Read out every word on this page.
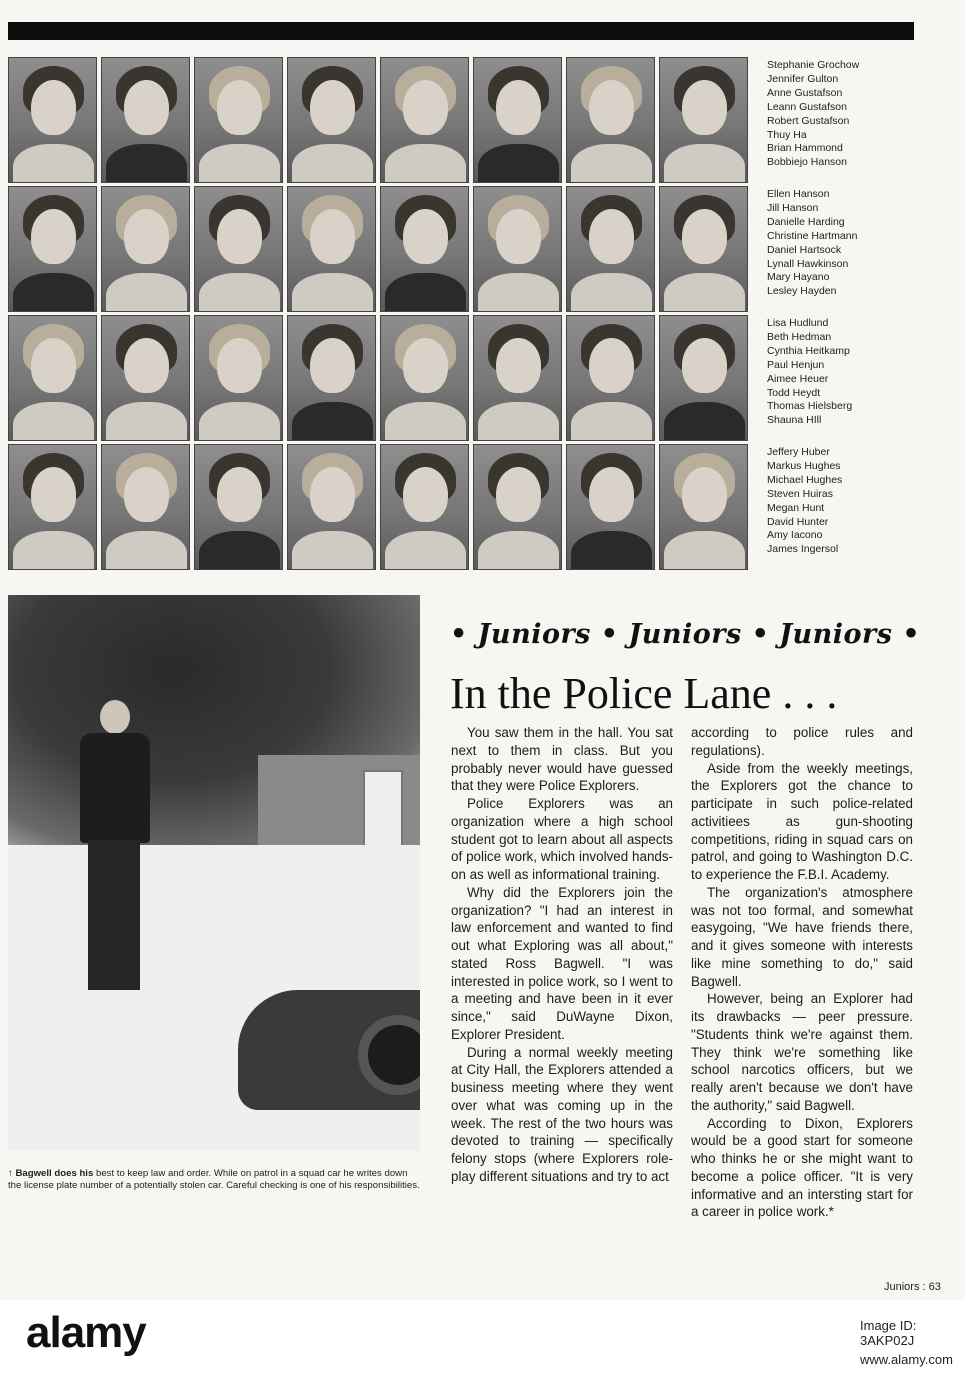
Stephanie Grochow
Jennifer Gulton
Anne Gustafson
Leann Gustafson
Robert Gustafson
Thuy Ha
Brian Hammond
Bobbiejo Hanson
Ellen Hanson
Jill Hanson
Danielle Harding
Christine Hartmann
Daniel Hartsock
Lynall Hawkinson
Mary Hayano
Lesley Hayden
Lisa Hudlund
Beth Hedman
Cynthia Heitkamp
Paul Henjun
Aimee Heuer
Todd Heydt
Thomas Hielsberg
Shauna HIll
Jeffery Huber
Markus Hughes
Michael Hughes
Steven Huiras
Megan Hunt
David Hunter
Amy Iacono
James Ingersol
↑ Bagwell does his best to keep law and order. While on patrol in a squad car he writes down the license plate number of a potentially stolen car. Careful checking is one of his responsibilities.
• Juniors • Juniors • Juniors •
In the Police Lane . . .

You saw them in the hall. You sat next to them in class. But you probably never would have guessed that they were Police Explorers.

Police Explorers was an organization where a high school student got to learn about all aspects of police work, which involved hands-on as well as informational training.

Why did the Explorers join the organization? "I had an interest in law enforcement and wanted to find out what Exploring was all about," stated Ross Bagwell. "I was interested in police work, so I went to a meeting and have been in it ever since," said DuWayne Dixon, Explorer President.

During a normal weekly meeting at City Hall, the Explorers attended a business meeting where they went over what was coming up in the week. The rest of the two hours was devoted to training — specifically felony stops (where Explorers role-play different situations and try to act

according to police rules and regulations).

Aside from the weekly meetings, the Explorers got the chance to participate in such police-related activitiees as gun-shooting competitions, riding in squad cars on patrol, and going to Washington D.C. to experience the F.B.I. Academy.

The organization's atmosphere was not too formal, and somewhat easygoing, "We have friends there, and it gives someone with interests like mine something to do," said Bagwell.

However, being an Explorer had its drawbacks — peer pressure. "Students think we're against them. They think we're something like school narcotics officers, but we really aren't because we don't have the authority," said Bagwell.

According to Dixon, Explorers would be a good start for someone who thinks he or she might want to become a police officer. "It is very informative and an intersting start for a career in police work.*

Juniors : 63
alamy	Image ID: 3AKP02J
www.alamy.com
